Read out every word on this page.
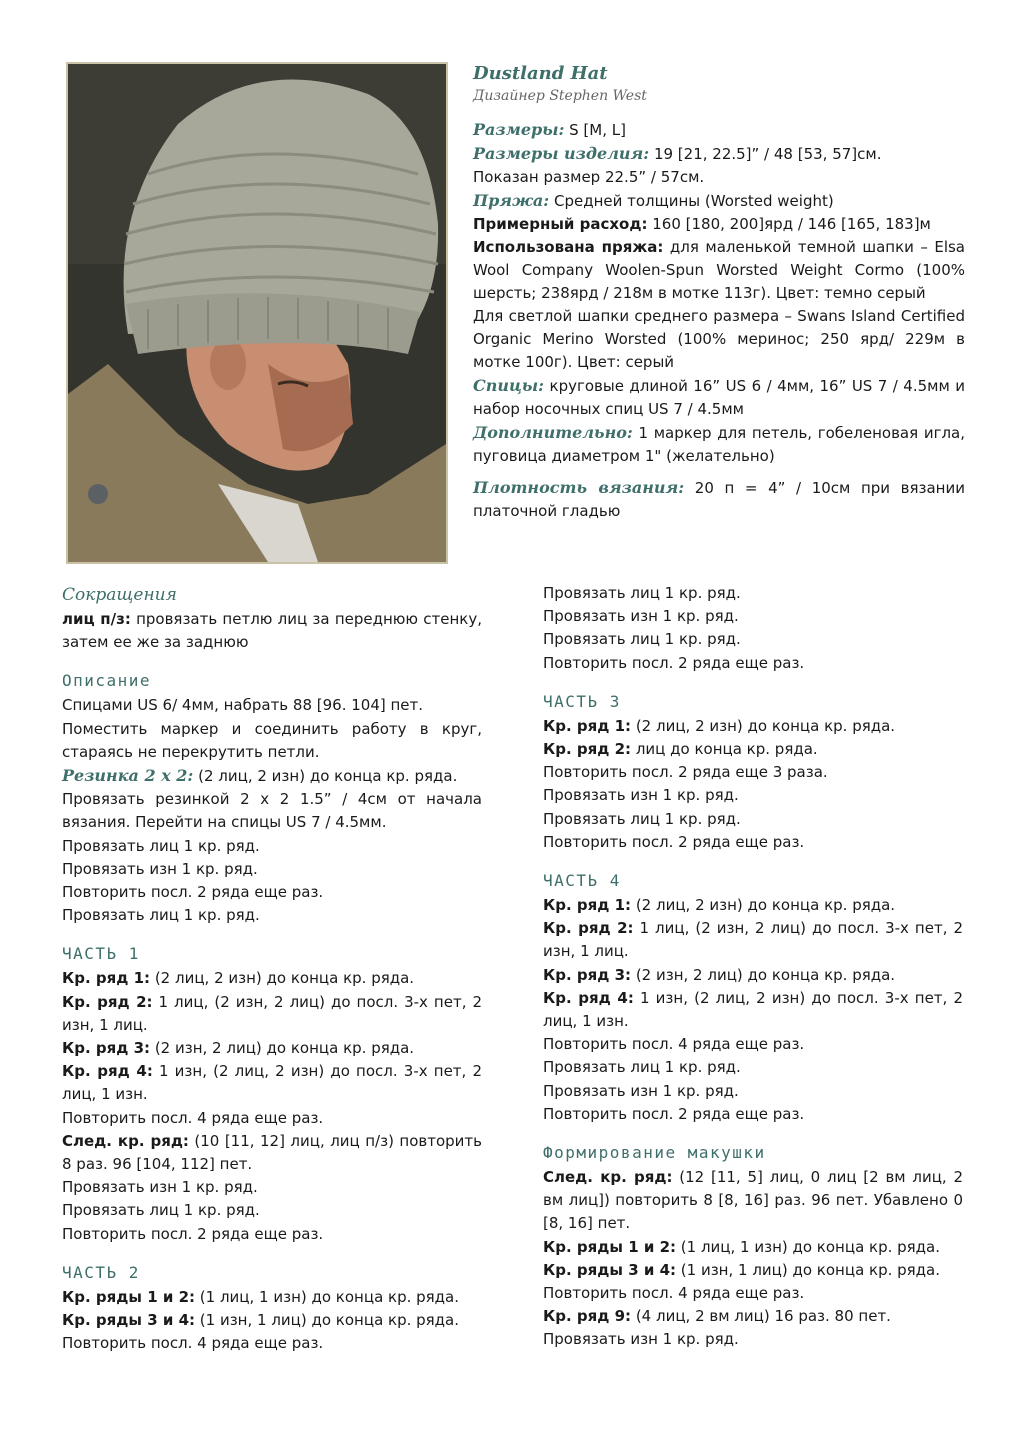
Dustland Hat
Дизайнер Stephen West
Размеры: S [M, L]
Размеры изделия: 19 [21, 22.5]” / 48 [53, 57]см.
Показан размер 22.5” / 57см.
Пряжа: Средней толщины (Worsted weight)
Примерный расход: 160 [180, 200]ярд / 146 [165, 183]м
Использована пряжа: для маленькой темной шапки – Elsa Wool Company Woolen-Spun Worsted Weight Cormo (100% шерсть; 238ярд / 218м в мотке 113г). Цвет: темно серый
Для светлой шапки среднего размера – Swans Island Certified Organic Merino Worsted (100% меринос; 250 ярд/ 229м в мотке 100г). Цвет: серый
Спицы: круговые длиной 16” US 6 / 4мм, 16” US 7 / 4.5мм и набор носочных спиц US 7 / 4.5мм
Дополнительно: 1 маркер для петель, гобеленовая игла, пуговица диаметром 1" (желательно)
Плотность вязания: 20 п = 4” / 10см при вязании платочной гладью
Сокращения
лиц п/з: провязать петлю лиц за переднюю стенку, затем ее же за заднюю
Описание
Спицами US 6/ 4мм, набрать 88 [96. 104] пет.
Поместить маркер и соединить работу в круг, стараясь не перекрутить петли.
Резинка 2 х 2: (2 лиц, 2 изн) до конца кр. ряда.
Провязать резинкой 2 х 2 1.5” / 4см от начала вязания. Перейти на спицы US 7 / 4.5мм.
Провязать лиц 1 кр. ряд.
Провязать изн 1 кр. ряд.
Повторить посл. 2 ряда еще раз.
Провязать лиц 1 кр. ряд.
ЧАСТЬ 1
Кр. ряд 1: (2 лиц, 2 изн) до конца кр. ряда.
Кр. ряд 2: 1 лиц, (2 изн, 2 лиц) до посл. 3-х пет, 2 изн, 1 лиц.
Кр. ряд 3: (2 изн, 2 лиц) до конца кр. ряда.
Кр. ряд 4: 1 изн, (2 лиц, 2 изн) до посл. 3-х пет, 2 лиц, 1 изн.
Повторить посл. 4 ряда еще раз.
След. кр. ряд: (10 [11, 12] лиц, лиц п/з) повторить 8 раз. 96 [104, 112] пет.
Провязать изн 1 кр. ряд.
Провязать лиц 1 кр. ряд.
Повторить посл. 2 ряда еще раз.
ЧАСТЬ 2
Кр. ряды 1 и 2: (1 лиц, 1 изн) до конца кр. ряда.
Кр. ряды 3 и 4: (1 изн, 1 лиц) до конца кр. ряда.
Повторить посл. 4 ряда еще раз.
Провязать лиц 1 кр. ряд.
Провязать изн 1 кр. ряд.
Провязать лиц 1 кр. ряд.
Повторить посл. 2 ряда еще раз.
ЧАСТЬ 3
Кр. ряд 1: (2 лиц, 2 изн) до конца кр. ряда.
Кр. ряд 2: лиц до конца кр. ряда.
Повторить посл. 2 ряда еще 3 раза.
Провязать изн 1 кр. ряд.
Провязать лиц 1 кр. ряд.
Повторить посл. 2 ряда еще раз.
ЧАСТЬ 4
Кр. ряд 1: (2 лиц, 2 изн) до конца кр. ряда.
Кр. ряд 2: 1 лиц, (2 изн, 2 лиц) до посл. 3-х пет, 2 изн, 1 лиц.
Кр. ряд 3: (2 изн, 2 лиц) до конца кр. ряда.
Кр. ряд 4: 1 изн, (2 лиц, 2 изн) до посл. 3-х пет, 2 лиц, 1 изн.
Повторить посл. 4 ряда еще раз.
Провязать лиц 1 кр. ряд.
Провязать изн 1 кр. ряд.
Повторить посл. 2 ряда еще раз.
Формирование макушки
След. кр. ряд: (12 [11, 5] лиц, 0 лиц [2 вм лиц, 2 вм лиц]) повторить 8 [8, 16] раз. 96 пет. Убавлено 0 [8, 16] пет.
Кр. ряды 1 и 2: (1 лиц, 1 изн) до конца кр. ряда.
Кр. ряды 3 и 4: (1 изн, 1 лиц) до конца кр. ряда.
Повторить посл. 4 ряда еще раз.
Кр. ряд 9: (4 лиц, 2 вм лиц) 16 раз. 80 пет.
Провязать изн 1 кр. ряд.
